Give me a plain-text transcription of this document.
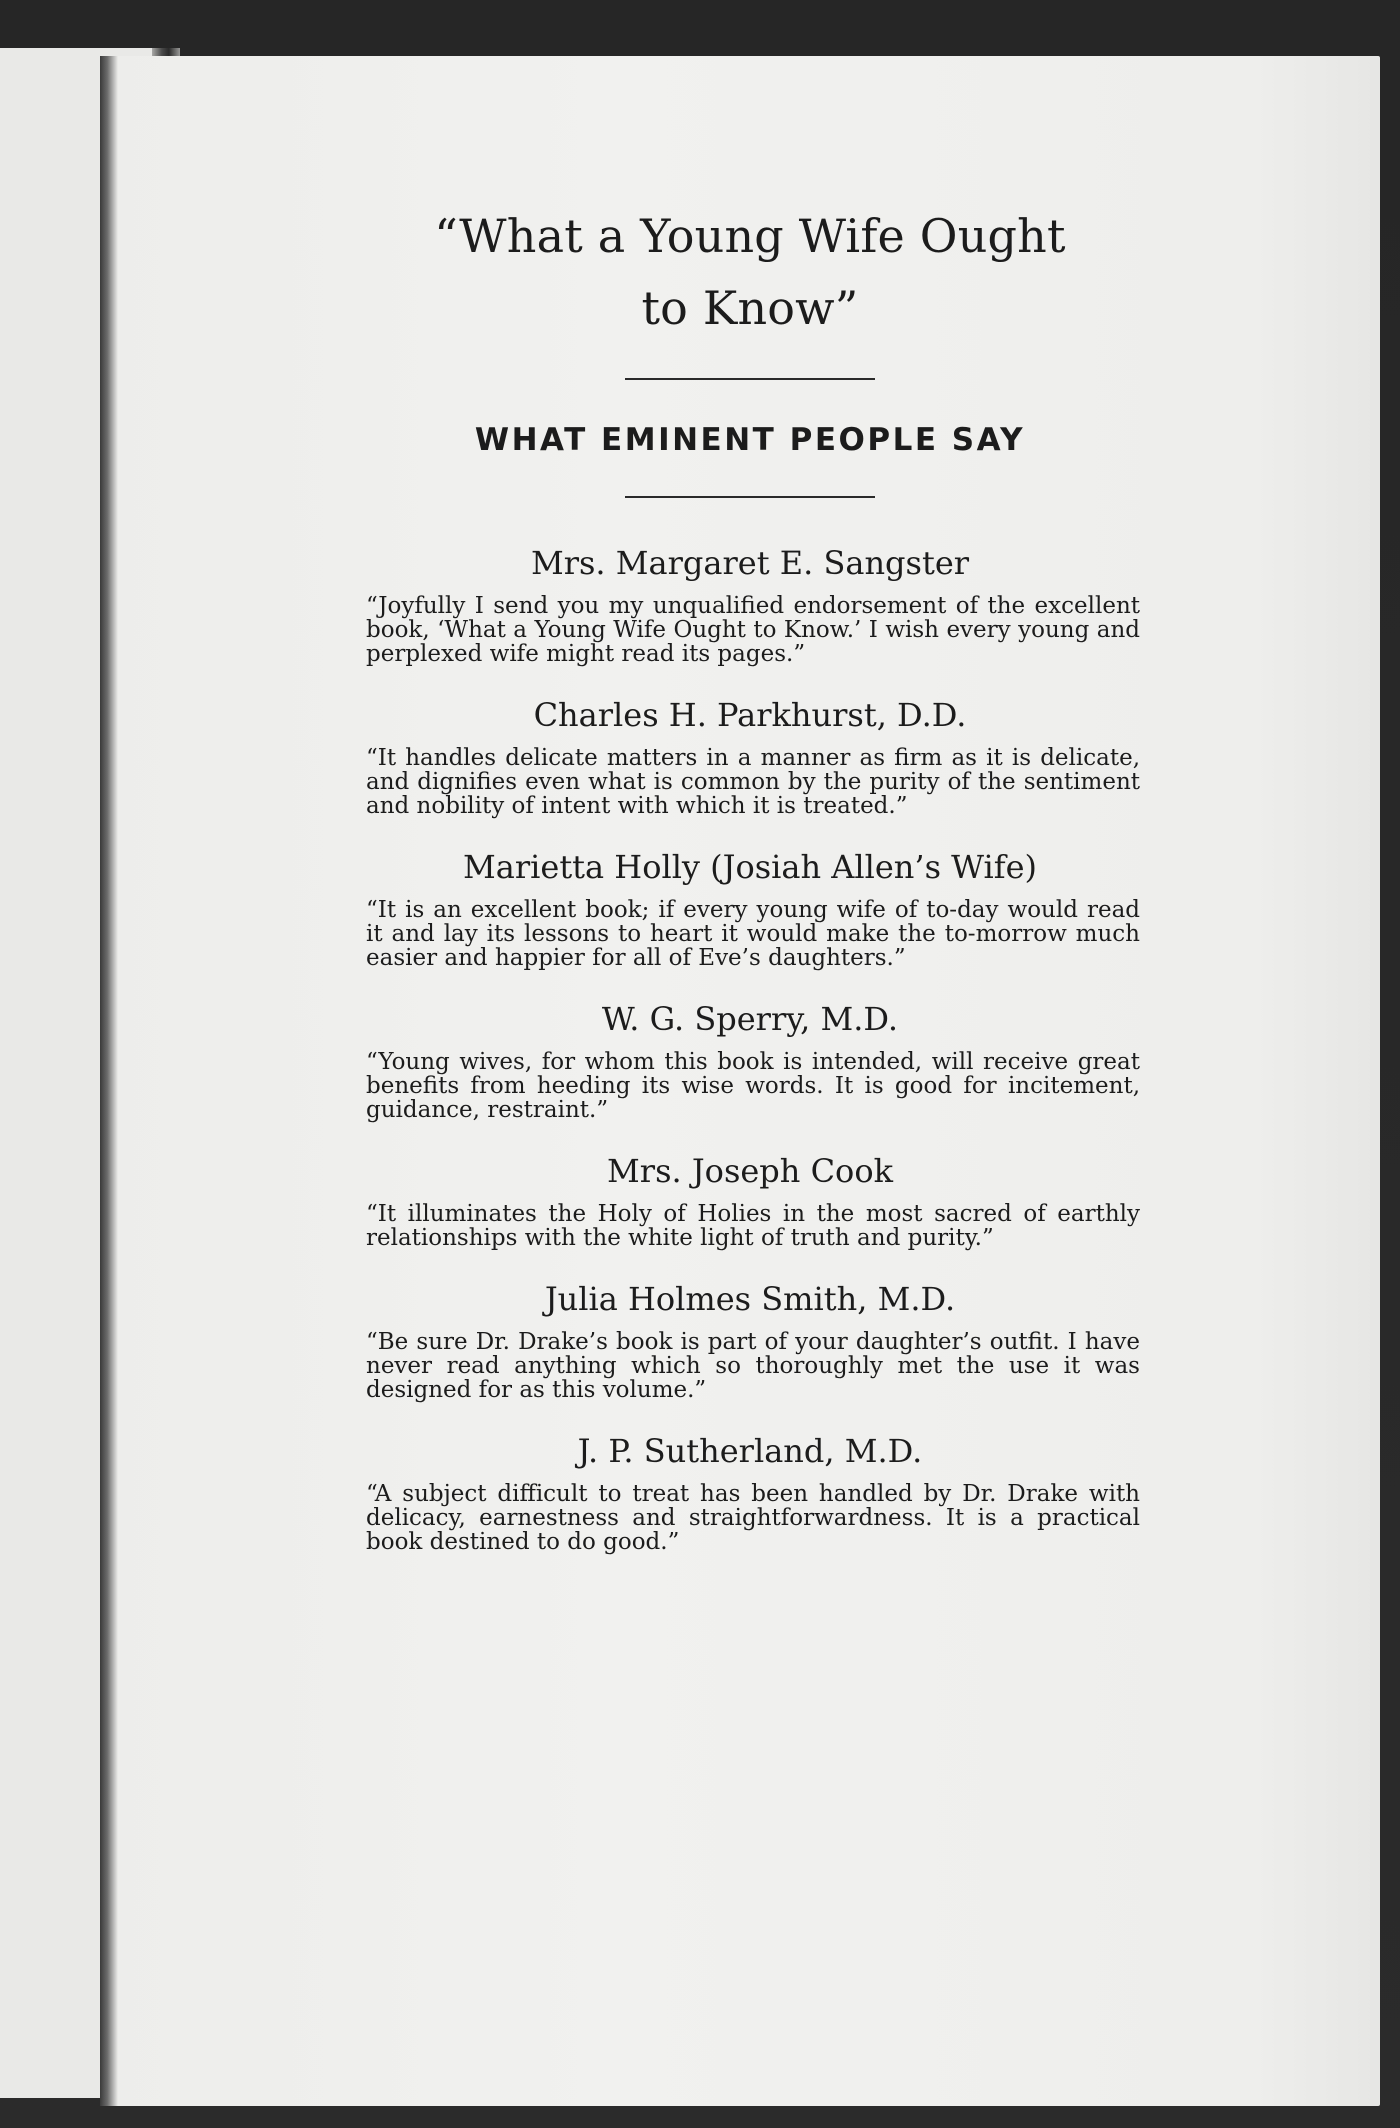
“What a Young Wife Ought
to Know”
WHAT EMINENT PEOPLE SAY
Mrs. Margaret E. Sangster

“Joyfully I send you my unqualified endorsement of the excellent book, ‘What a Young Wife Ought to Know.’ I wish every young and perplexed wife might read its pages.”

Charles H. Parkhurst, D.D.

“It handles delicate matters in a manner as firm as it is delicate, and dignifies even what is common by the purity of the sentiment and nobility of intent with which it is treated.”

Marietta Holly (Josiah Allen’s Wife)

“It is an excellent book; if every young wife of to-day would read it and lay its lessons to heart it would make the to-morrow much easier and happier for all of Eve’s daughters.”

W. G. Sperry, M.D.

“Young wives, for whom this book is intended, will receive great benefits from heeding its wise words. It is good for incitement, guidance, restraint.”

Mrs. Joseph Cook

“It illuminates the Holy of Holies in the most sacred of earthly relationships with the white light of truth and purity.”

Julia Holmes Smith, M.D.

“Be sure Dr. Drake’s book is part of your daughter’s outfit. I have never read anything which so thoroughly met the use it was designed for as this volume.”

J. P. Sutherland, M.D.

“A subject difficult to treat has been handled by Dr. Drake with delicacy, earnestness and straightforwardness. It is a practical book destined to do good.”
